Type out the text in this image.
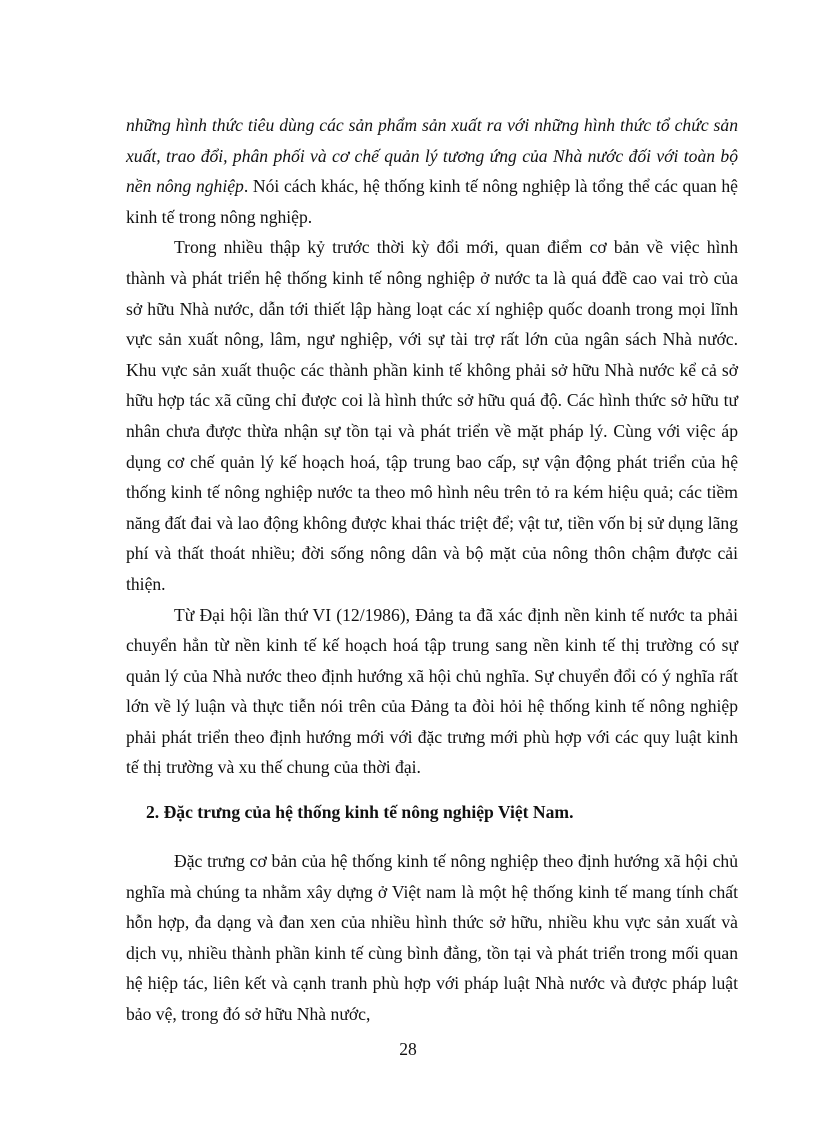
những hình thức tiêu dùng các sản phẩm sản xuất ra với những hình thức tổ chức sản xuất, trao đổi, phân phối và cơ chế quản lý tương ứng của Nhà nước đối với toàn bộ nền nông nghiệp. Nói cách khác, hệ thống kinh tế nông nghiệp là tổng thể các quan hệ kinh tế trong nông nghiệp.

Trong nhiều thập kỷ trước thời kỳ đổi mới, quan điểm cơ bản về việc hình thành và phát triển hệ thống kinh tế nông nghiệp ở nước ta là quá đđề cao vai trò của sở hữu Nhà nước, dẫn tới thiết lập hàng loạt các xí nghiệp quốc doanh trong mọi lĩnh vực sản xuất nông, lâm, ngư nghiệp, với sự tài trợ rất lớn của ngân sách Nhà nước. Khu vực sản xuất thuộc các thành phần kinh tế không phải sở hữu Nhà nước kể cả sở hữu hợp tác xã cũng chỉ được coi là hình thức sở hữu quá độ. Các hình thức sở hữu tư nhân chưa được thừa nhận sự tồn tại và phát triển về mặt pháp lý. Cùng với việc áp dụng cơ chế quản lý kế hoạch hoá, tập trung bao cấp, sự vận động phát triển của hệ thống kinh tế nông nghiệp nước ta theo mô hình nêu trên tỏ ra kém hiệu quả; các tiềm năng đất đai và lao động không được khai thác triệt để; vật tư, tiền vốn bị sử dụng lãng phí và thất thoát nhiều; đời sống nông dân và bộ mặt của nông thôn chậm được cải thiện.

Từ Đại hội lần thứ VI (12/1986), Đảng ta đã xác định nền kinh tế nước ta phải chuyển hẳn từ nền kinh tế kế hoạch hoá tập trung sang nền kinh tế thị trường có sự quản lý của Nhà nước theo định hướng xã hội chủ nghĩa. Sự chuyển đổi có ý nghĩa rất lớn về lý luận và thực tiễn nói trên của Đảng ta đòi hỏi hệ thống kinh tế nông nghiệp phải phát triển theo định hướng mới với đặc trưng mới phù hợp với các quy luật kinh tế thị trường và xu thế chung của thời đại.

2. Đặc trưng của hệ thống kinh tế nông nghiệp Việt Nam.

Đặc trưng cơ bản của hệ thống kinh tế nông nghiệp theo định hướng xã hội chủ nghĩa mà chúng ta nhằm xây dựng ở Việt nam là một hệ thống kinh tế mang tính chất hỗn hợp, đa dạng và đan xen của nhiều hình thức sở hữu, nhiều khu vực sản xuất và dịch vụ, nhiều thành phần kinh tế cùng bình đẳng, tồn tại và phát triển trong mối quan hệ hiệp tác, liên kết và cạnh tranh phù hợp với pháp luật Nhà nước và được pháp luật bảo vệ, trong đó sở hữu Nhà nước,

28
